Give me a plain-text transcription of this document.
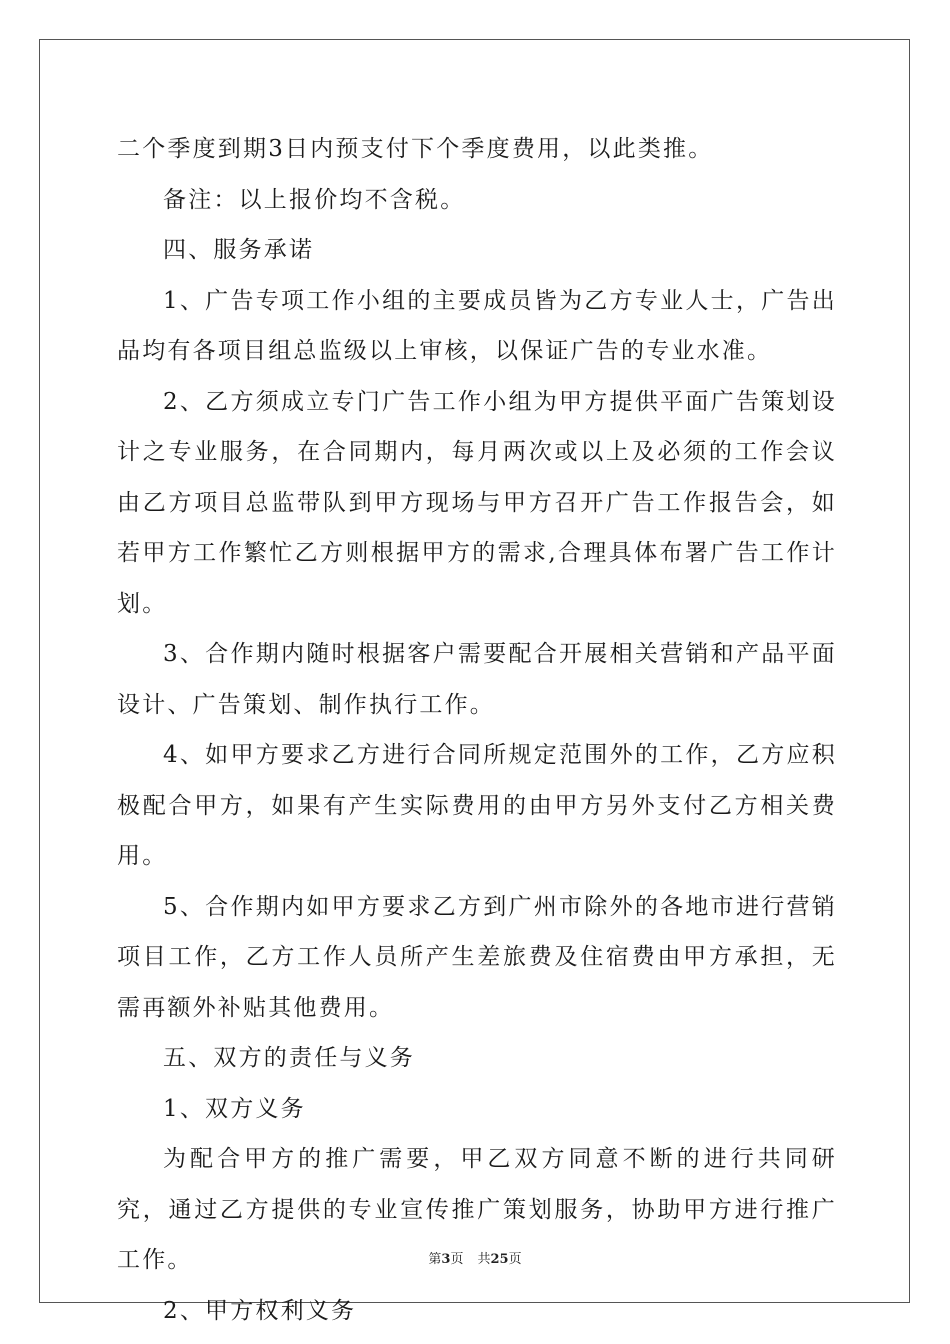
二个季度到期3日内预支付下个季度费用，以此类推。

备注：以上报价均不含税。

四、服务承诺

1、广告专项工作小组的主要成员皆为乙方专业人士，广告出品均有各项目组总监级以上审核，以保证广告的专业水准。

2、乙方须成立专门广告工作小组为甲方提供平面广告策划设计之专业服务，在合同期内，每月两次或以上及必须的工作会议由乙方项目总监带队到甲方现场与甲方召开广告工作报告会，如若甲方工作繁忙乙方则根据甲方的需求,合理具体布署广告工作计划。

3、合作期内随时根据客户需要配合开展相关营销和产品平面设计、广告策划、制作执行工作。

4、如甲方要求乙方进行合同所规定范围外的工作，乙方应积极配合甲方，如果有产生实际费用的由甲方另外支付乙方相关费用。

5、合作期内如甲方要求乙方到广州市除外的各地市进行营销项目工作，乙方工作人员所产生差旅费及住宿费由甲方承担，无需再额外补贴其他费用。

五、双方的责任与义务

1、双方义务

为配合甲方的推广需要，甲乙双方同意不断的进行共同研究，通过乙方提供的专业宣传推广策划服务，协助甲方进行推广工作。

2、甲方权利义务

第3页 共25页
